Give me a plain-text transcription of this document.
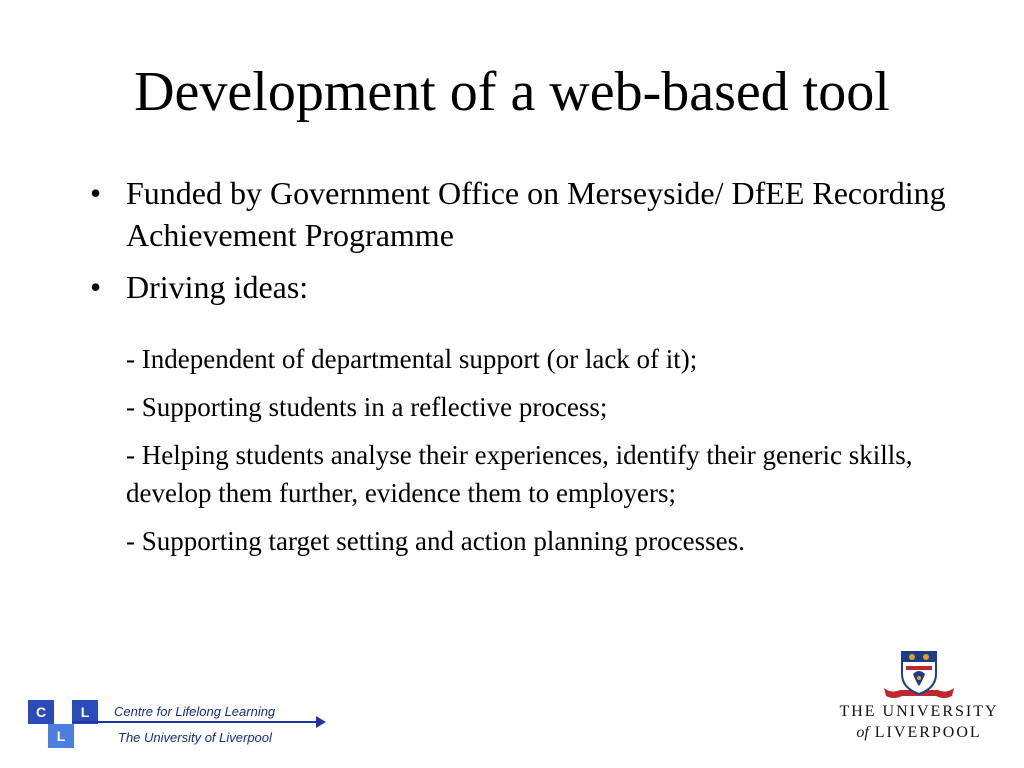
Development of a web-based tool
• Funded by Government Office on Merseyside/ DfEE Recording Achievement Programme
• Driving ideas:
- Independent of departmental support (or lack of it);
- Supporting students in a reflective process;
- Helping students analyse their experiences, identify their generic skills, develop them further, evidence them to employers;
- Supporting target setting and action planning processes.
C	L
L
Centre for Lifelong Learning
The University of Liverpool
THE UNIVERSITY
of LIVERPOOL
